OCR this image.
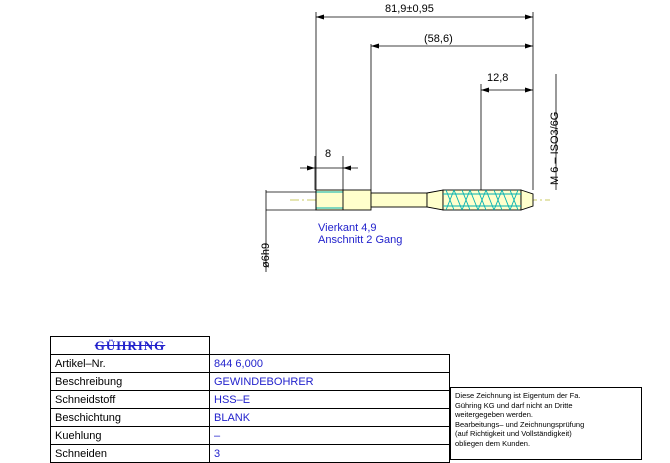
81,9±0,95
(58,6)
12,8
8	M 6 – ISO3/6G
ø6h9
Vierkant 4,9
Anschnitt 2 Gang
GÜHRING	
Artikel–Nr.	844 6,000
Beschreibung	GEWINDEBOHRER
Schneidstoff	HSS–E
Beschichtung	BLANK
Kuehlung	–
Schneiden	3
Diese Zeichnung ist Eigentum der Fa.
Gühring KG und darf nicht an Dritte
weitergegeben werden.
Bearbeitungs– und Zeichnungsprüfung
(auf Richtigkeit und Vollständigkeit)
obliegen dem Kunden.
